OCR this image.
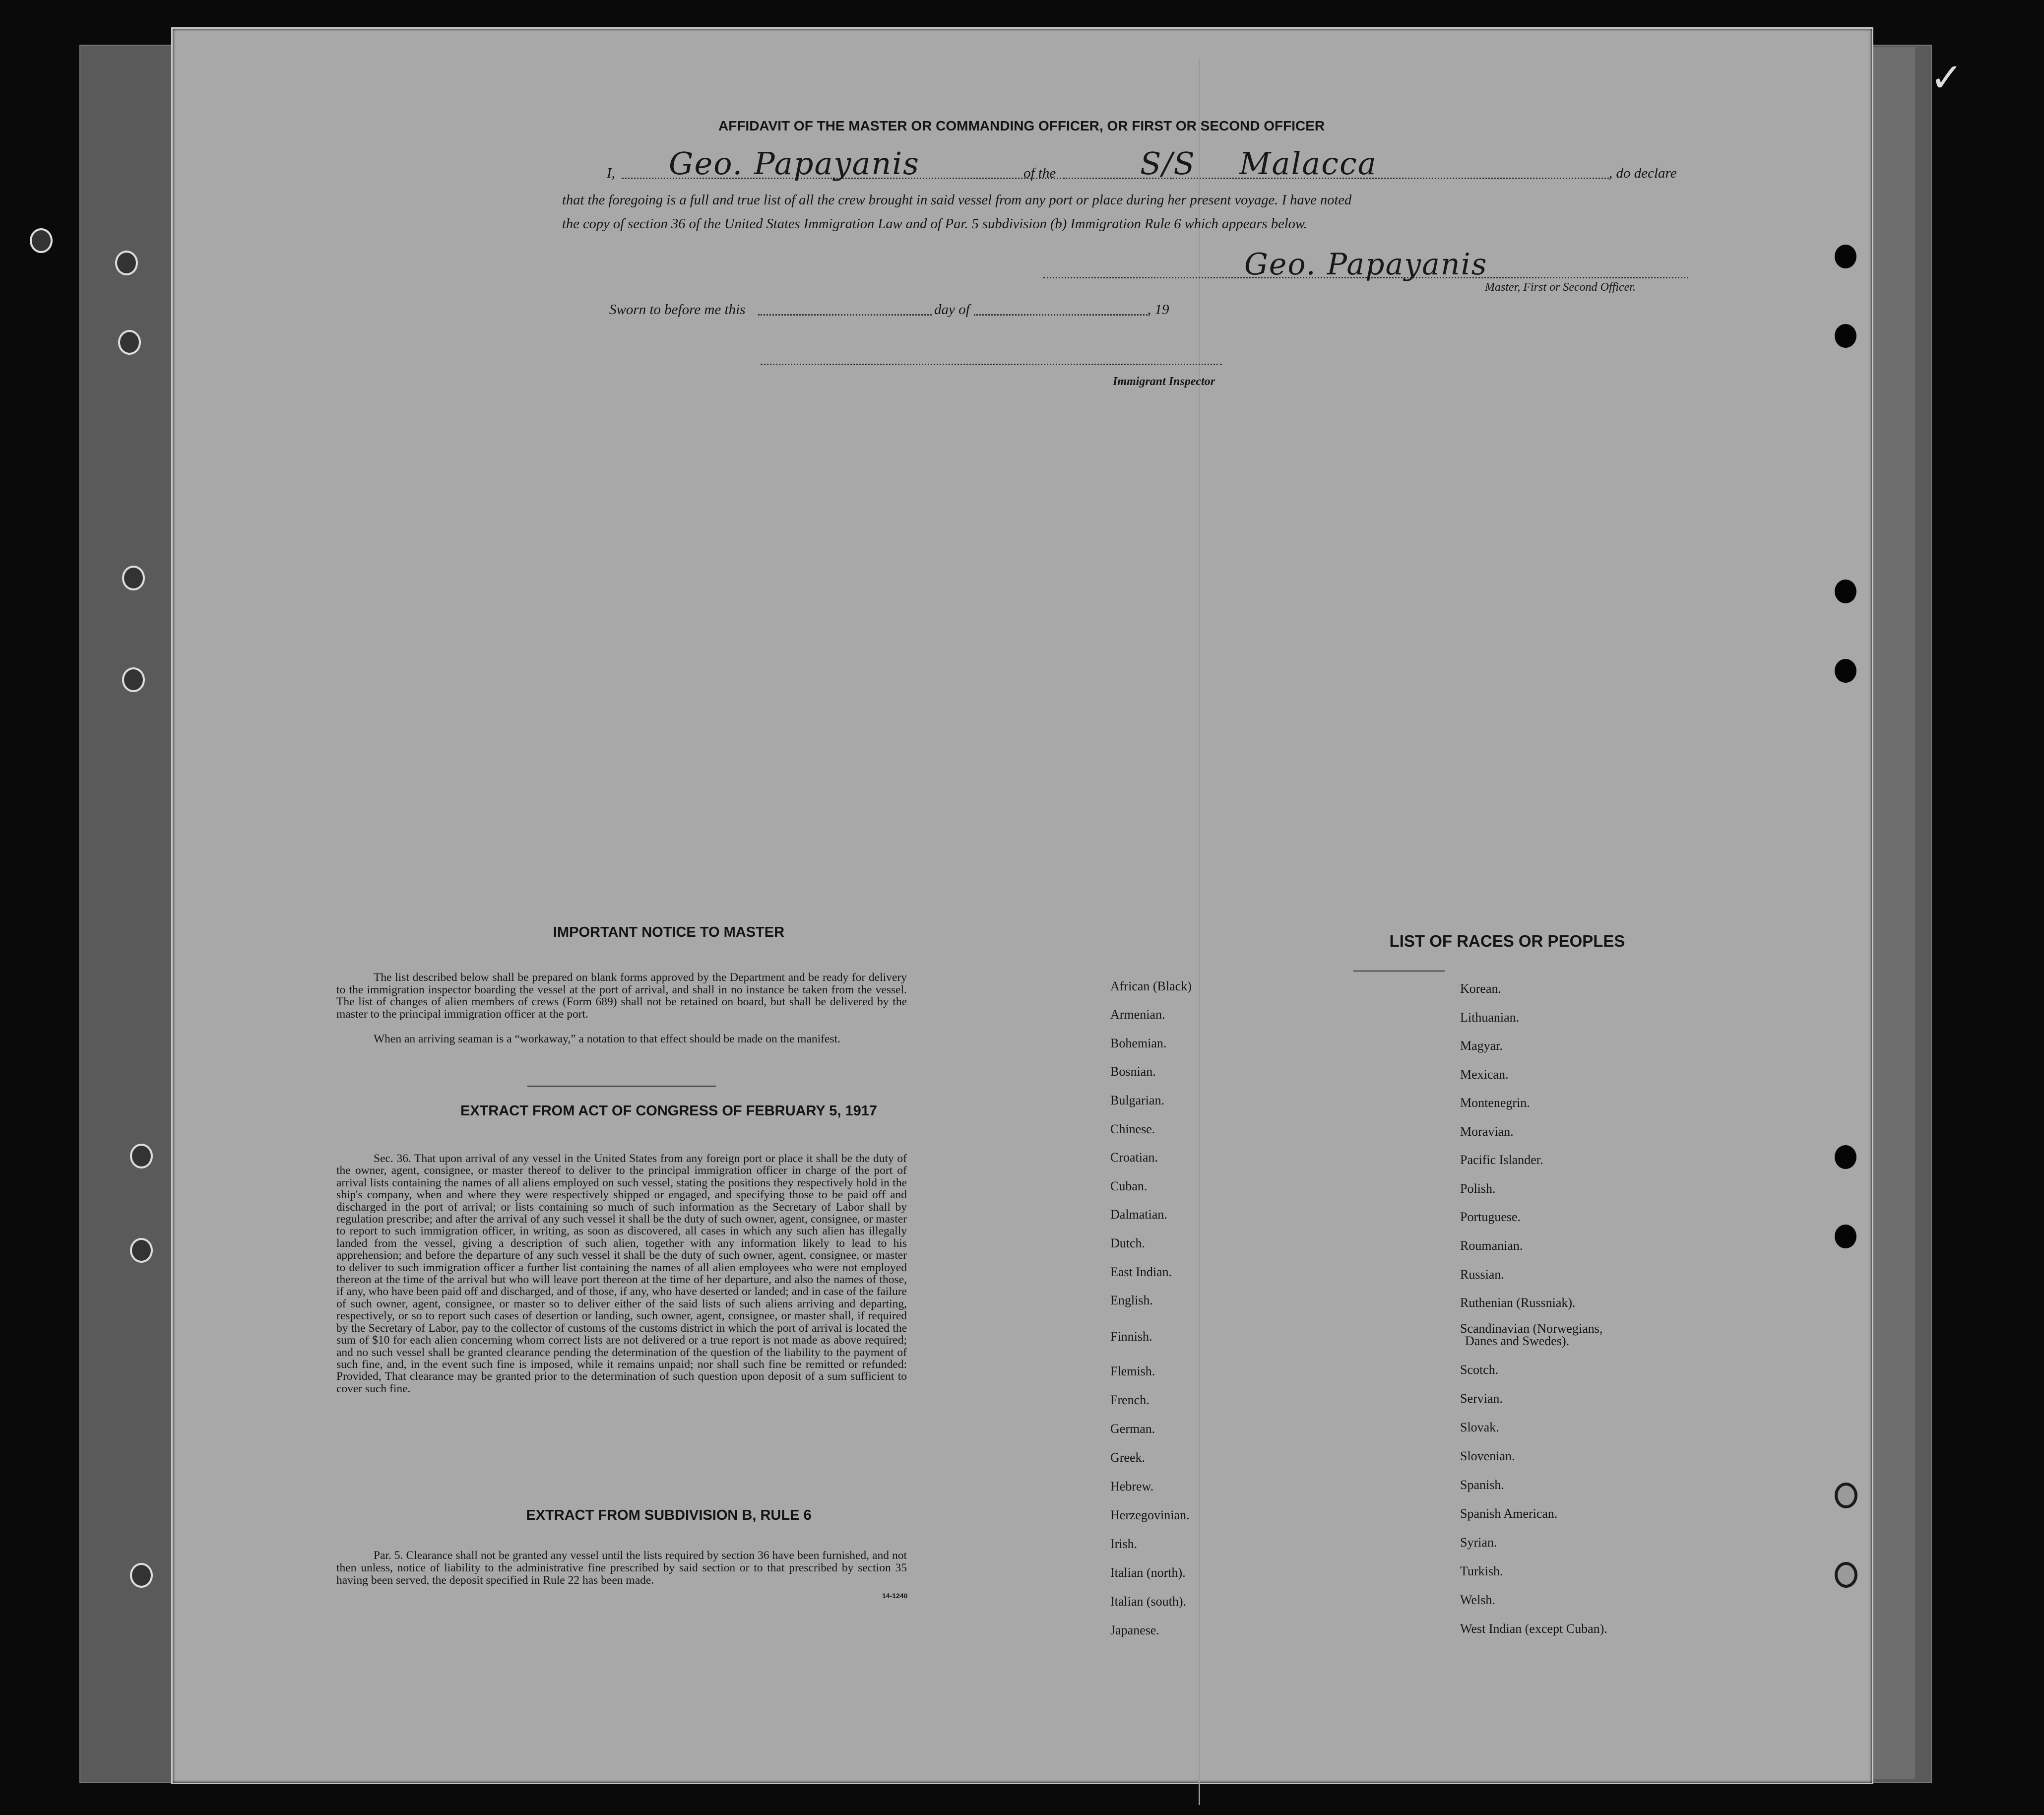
✓
AFFIDAVIT OF THE MASTER OR COMMANDING OFFICER, OR FIRST OR SECOND OFFICER
I, Geo. Papayanis	of the	S/S Malacca	, do declare
that the foregoing is a full and true list of all the crew brought in said vessel from any port or place during her present voyage. I have noted
the copy of section 36 of the United States Immigration Law and of Par. 5 subdivision (b) Immigration Rule 6 which appears below.
Geo. Papayanis
Master, First or Second Officer.
Sworn to before me this	day of	, 19
Immigrant Inspector
IMPORTANT NOTICE TO MASTER
The list described below shall be prepared on blank forms approved by the Department and be ready for delivery to the immigration inspector boarding the vessel at the port of arrival, and shall in no instance be taken from the vessel. The list of changes of alien members of crews (Form 689) shall not be retained on board, but shall be delivered by the master to the principal immigration officer at the port.
When an arriving seaman is a “workaway,” a notation to that effect should be made on the manifest.
EXTRACT FROM ACT OF CONGRESS OF FEBRUARY 5, 1917
Sec. 36. That upon arrival of any vessel in the United States from any foreign port or place it shall be the duty of the owner, agent, consignee, or master thereof to deliver to the principal immigration officer in charge of the port of arrival lists containing the names of all aliens employed on such vessel, stating the positions they respectively hold in the ship's company, when and where they were respectively shipped or engaged, and specifying those to be paid off and discharged in the port of arrival; or lists containing so much of such information as the Secretary of Labor shall by regulation prescribe; and after the arrival of any such vessel it shall be the duty of such owner, agent, consignee, or master to report to such immigration officer, in writing, as soon as discovered, all cases in which any such alien has illegally landed from the vessel, giving a description of such alien, together with any information likely to lead to his apprehension; and before the departure of any such vessel it shall be the duty of such owner, agent, consignee, or master to deliver to such immigration officer a further list containing the names of all alien employees who were not employed thereon at the time of the arrival but who will leave port thereon at the time of her departure, and also the names of those, if any, who have been paid off and discharged, and of those, if any, who have deserted or landed; and in case of the failure of such owner, agent, consignee, or master so to deliver either of the said lists of such aliens arriving and departing, respectively, or so to report such cases of desertion or landing, such owner, agent, consignee, or master shall, if required by the Secretary of Labor, pay to the collector of customs of the customs district in which the port of arrival is located the sum of $10 for each alien concerning whom correct lists are not delivered or a true report is not made as above required; and no such vessel shall be granted clearance pending the determination of the question of the liability to the payment of such fine, and, in the event such fine is imposed, while it remains unpaid; nor shall such fine be remitted or refunded: Provided, That clearance may be granted prior to the determination of such question upon deposit of a sum sufficient to cover such fine.
EXTRACT FROM SUBDIVISION B, RULE 6
Par. 5. Clearance shall not be granted any vessel until the lists required by section 36 have been furnished, and not then unless, notice of liability to the administrative fine prescribed by said section or to that prescribed by section 35 having been served, the deposit specified in Rule 22 has been made.
14-1240
LIST OF RACES OR PEOPLES
African (Black)
Armenian.
Bohemian.
Bosnian.
Bulgarian.
Chinese.
Croatian.
Cuban.
Dalmatian.
Dutch.
East Indian.
English.
Finnish.
Flemish.
French.
German.
Greek.
Hebrew.
Herzegovinian.
Irish.
Italian (north).
Italian (south).
Japanese.
Korean.
Lithuanian.
Magyar.
Mexican.
Montenegrin.
Moravian.
Pacific Islander.
Polish.
Portuguese.
Roumanian.
Russian.
Ruthenian (Russniak).
Scandinavian (Norwegians,
Danes and Swedes).
Scotch.
Servian.
Slovak.
Slovenian.
Spanish.
Spanish American.
Syrian.
Turkish.
Welsh.
West Indian (except Cuban).
